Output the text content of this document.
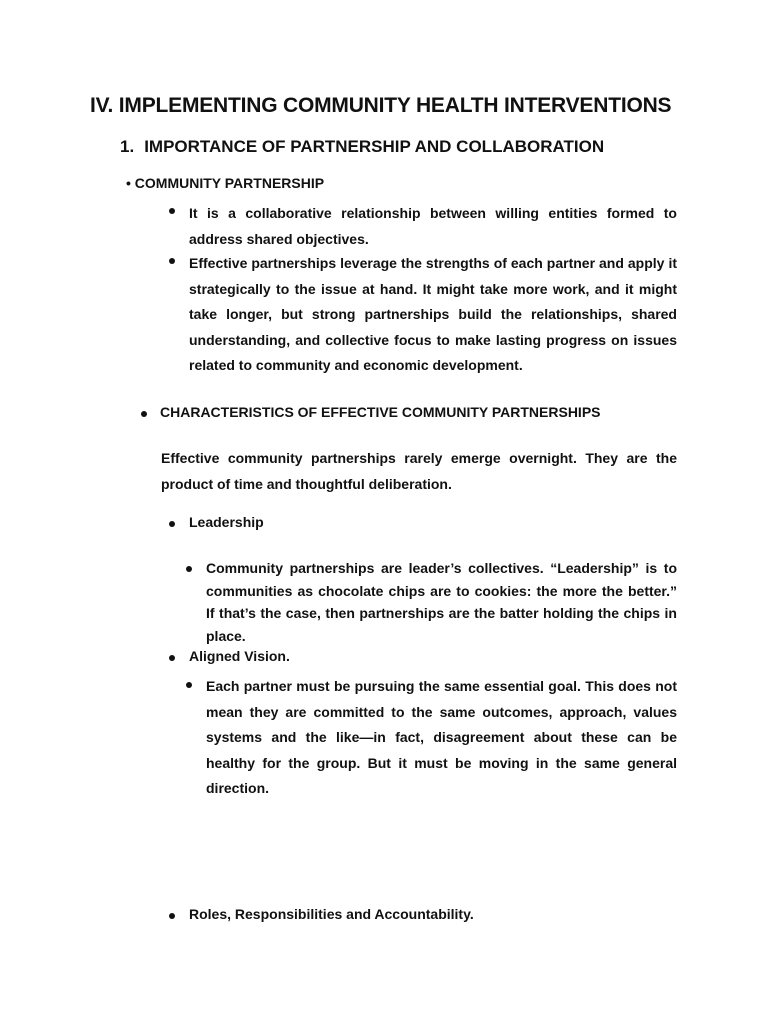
IV. IMPLEMENTING COMMUNITY HEALTH INTERVENTIONS
1. IMPORTANCE OF PARTNERSHIP AND COLLABORATION
• COMMUNITY PARTNERSHIP
It is a collaborative relationship between willing entities formed to address shared objectives.
Effective partnerships leverage the strengths of each partner and apply it strategically to the issue at hand. It might take more work, and it might take longer, but strong partnerships build the relationships, shared understanding, and collective focus to make lasting progress on issues related to community and economic development.
CHARACTERISTICS OF EFFECTIVE COMMUNITY PARTNERSHIPS
Effective community partnerships rarely emerge overnight. They are the product of time and thoughtful deliberation.
Leadership
Community partnerships are leader’s collectives. “Leadership” is to communities as chocolate chips are to cookies: the more the better.” If that’s the case, then partnerships are the batter holding the chips in place.
Aligned Vision.
Each partner must be pursuing the same essential goal. This does not mean they are committed to the same outcomes, approach, values systems and the like—in fact, disagreement about these can be healthy for the group. But it must be moving in the same general direction.
Roles, Responsibilities and Accountability.
